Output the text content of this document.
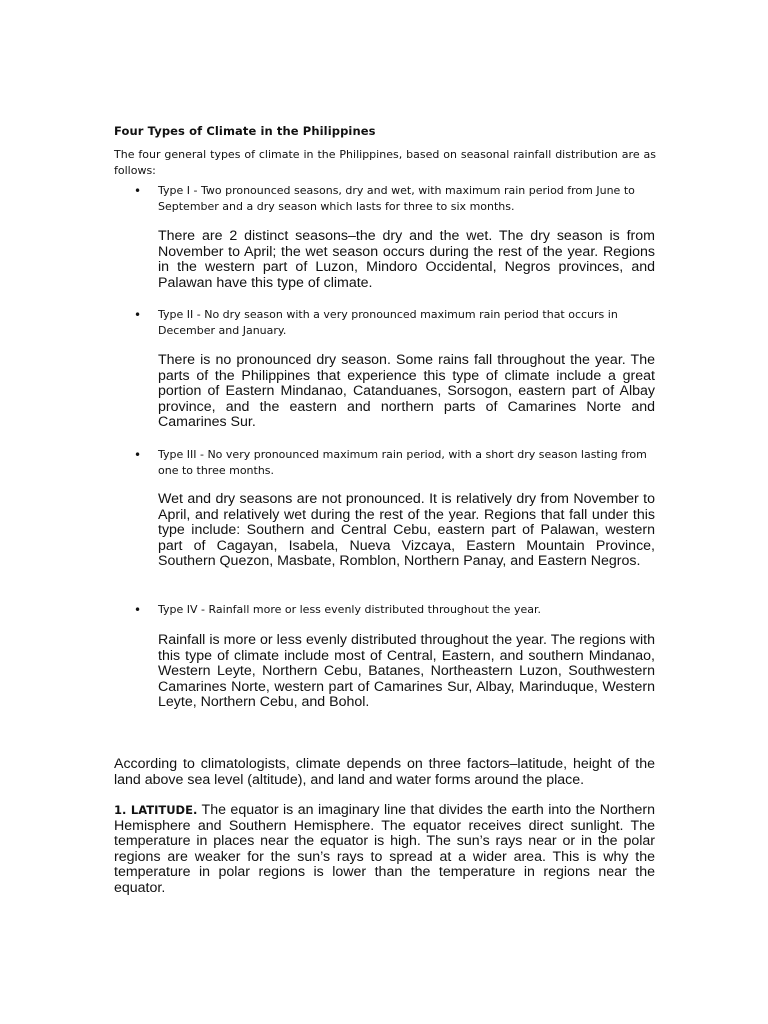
Four Types of Climate in the Philippines

The four general types of climate in the Philippines, based on seasonal rainfall distribution are as follows:

•	Type I - Two pronounced seasons, dry and wet, with maximum rain period from June to September and a dry season which lasts for three to six months.

There are 2 distinct seasons–the dry and the wet. The dry season is from November to April; the wet season occurs during the rest of the year. Regions in the western part of Luzon, Mindoro Occidental, Negros provinces, and Palawan have this type of climate.

•	Type II - No dry season with a very pronounced maximum rain period that occurs in December and January.

There is no pronounced dry season. Some rains fall throughout the year. The parts of the Philippines that experience this type of climate include a great portion of Eastern Mindanao, Catanduanes, Sorsogon, eastern part of Albay province, and the eastern and northern parts of Camarines Norte and Camarines Sur.

•	Type III - No very pronounced maximum rain period, with a short dry season lasting from one to three months.

Wet and dry seasons are not pronounced. It is relatively dry from November to April, and relatively wet during the rest of the year. Regions that fall under this type include: Southern and Central Cebu, eastern part of Palawan, western part of Cagayan, Isabela, Nueva Vizcaya, Eastern Mountain Province, Southern Quezon, Masbate, Romblon, Northern Panay, and Eastern Negros.

•	Type IV - Rainfall more or less evenly distributed throughout the year.

Rainfall is more or less evenly distributed throughout the year. The regions with this type of climate include most of Central, Eastern, and southern Mindanao, Western Leyte, Northern Cebu, Batanes, Northeastern Luzon, Southwestern Camarines Norte, western part of Camarines Sur, Albay, Marinduque, Western Leyte, Northern Cebu, and Bohol.

According to climatologists, climate depends on three factors–latitude, height of the land above sea level (altitude), and land and water forms around the place.

1. LATITUDE. The equator is an imaginary line that divides the earth into the Northern Hemisphere and Southern Hemisphere. The equator receives direct sunlight. The temperature in places near the equator is high. The sun’s rays near or in the polar regions are weaker for the sun’s rays to spread at a wider area. This is why the temperature in polar regions is lower than the temperature in regions near the equator.
